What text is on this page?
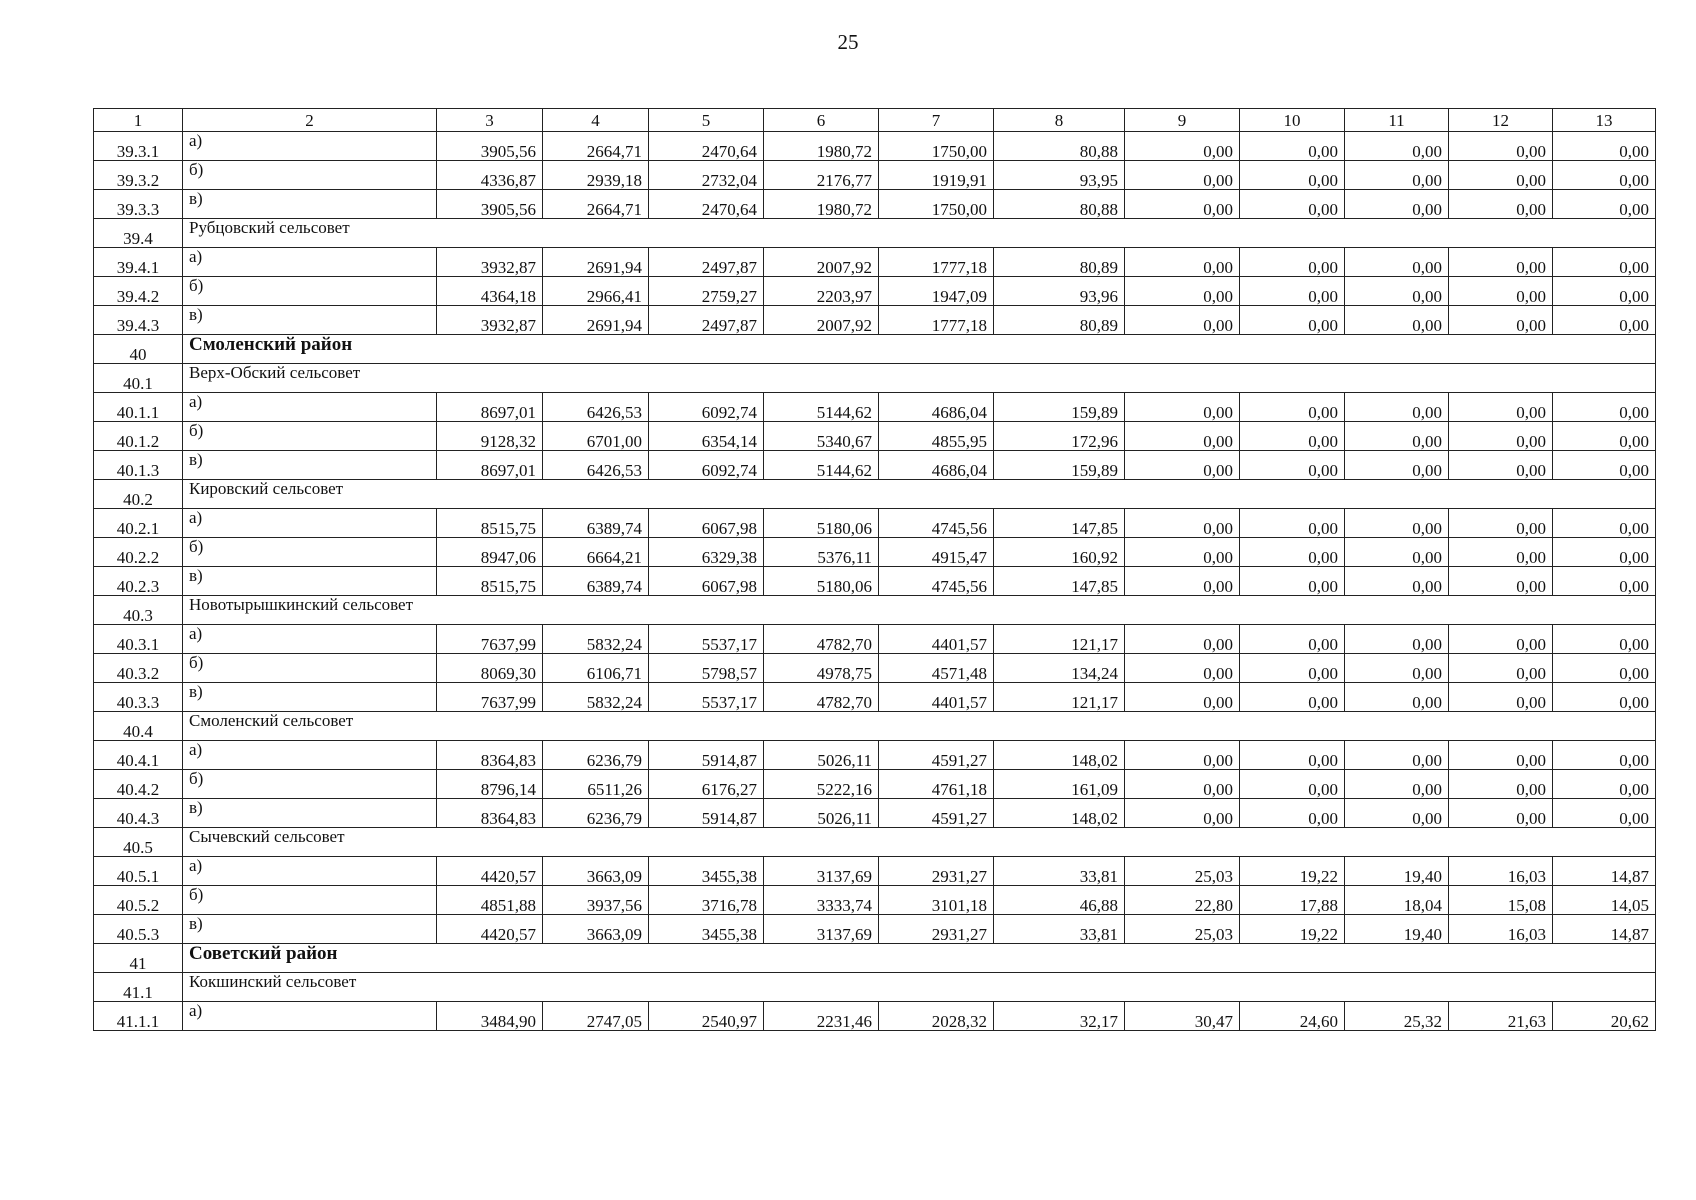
25
1	2	3	4	5	6	7	8	9	10	11	12	13
39.3.1	а)	3905,56	2664,71	2470,64	1980,72	1750,00	80,88	0,00	0,00	0,00	0,00	0,00
39.3.2	б)	4336,87	2939,18	2732,04	2176,77	1919,91	93,95	0,00	0,00	0,00	0,00	0,00
39.3.3	в)	3905,56	2664,71	2470,64	1980,72	1750,00	80,88	0,00	0,00	0,00	0,00	0,00
39.4	Рубцовский сельсовет											
39.4.1	а)	3932,87	2691,94	2497,87	2007,92	1777,18	80,89	0,00	0,00	0,00	0,00	0,00
39.4.2	б)	4364,18	2966,41	2759,27	2203,97	1947,09	93,96	0,00	0,00	0,00	0,00	0,00
39.4.3	в)	3932,87	2691,94	2497,87	2007,92	1777,18	80,89	0,00	0,00	0,00	0,00	0,00
40	Смоленский район											
40.1	Верх-Обский сельсовет											
40.1.1	а)	8697,01	6426,53	6092,74	5144,62	4686,04	159,89	0,00	0,00	0,00	0,00	0,00
40.1.2	б)	9128,32	6701,00	6354,14	5340,67	4855,95	172,96	0,00	0,00	0,00	0,00	0,00
40.1.3	в)	8697,01	6426,53	6092,74	5144,62	4686,04	159,89	0,00	0,00	0,00	0,00	0,00
40.2	Кировский сельсовет											
40.2.1	а)	8515,75	6389,74	6067,98	5180,06	4745,56	147,85	0,00	0,00	0,00	0,00	0,00
40.2.2	б)	8947,06	6664,21	6329,38	5376,11	4915,47	160,92	0,00	0,00	0,00	0,00	0,00
40.2.3	в)	8515,75	6389,74	6067,98	5180,06	4745,56	147,85	0,00	0,00	0,00	0,00	0,00
40.3	Новотырышкинский сельсовет											
40.3.1	а)	7637,99	5832,24	5537,17	4782,70	4401,57	121,17	0,00	0,00	0,00	0,00	0,00
40.3.2	б)	8069,30	6106,71	5798,57	4978,75	4571,48	134,24	0,00	0,00	0,00	0,00	0,00
40.3.3	в)	7637,99	5832,24	5537,17	4782,70	4401,57	121,17	0,00	0,00	0,00	0,00	0,00
40.4	Смоленский сельсовет											
40.4.1	а)	8364,83	6236,79	5914,87	5026,11	4591,27	148,02	0,00	0,00	0,00	0,00	0,00
40.4.2	б)	8796,14	6511,26	6176,27	5222,16	4761,18	161,09	0,00	0,00	0,00	0,00	0,00
40.4.3	в)	8364,83	6236,79	5914,87	5026,11	4591,27	148,02	0,00	0,00	0,00	0,00	0,00
40.5	Сычевский сельсовет											
40.5.1	а)	4420,57	3663,09	3455,38	3137,69	2931,27	33,81	25,03	19,22	19,40	16,03	14,87
40.5.2	б)	4851,88	3937,56	3716,78	3333,74	3101,18	46,88	22,80	17,88	18,04	15,08	14,05
40.5.3	в)	4420,57	3663,09	3455,38	3137,69	2931,27	33,81	25,03	19,22	19,40	16,03	14,87
41	Советский район											
41.1	Кокшинский сельсовет											
41.1.1	а)	3484,90	2747,05	2540,97	2231,46	2028,32	32,17	30,47	24,60	25,32	21,63	20,62
